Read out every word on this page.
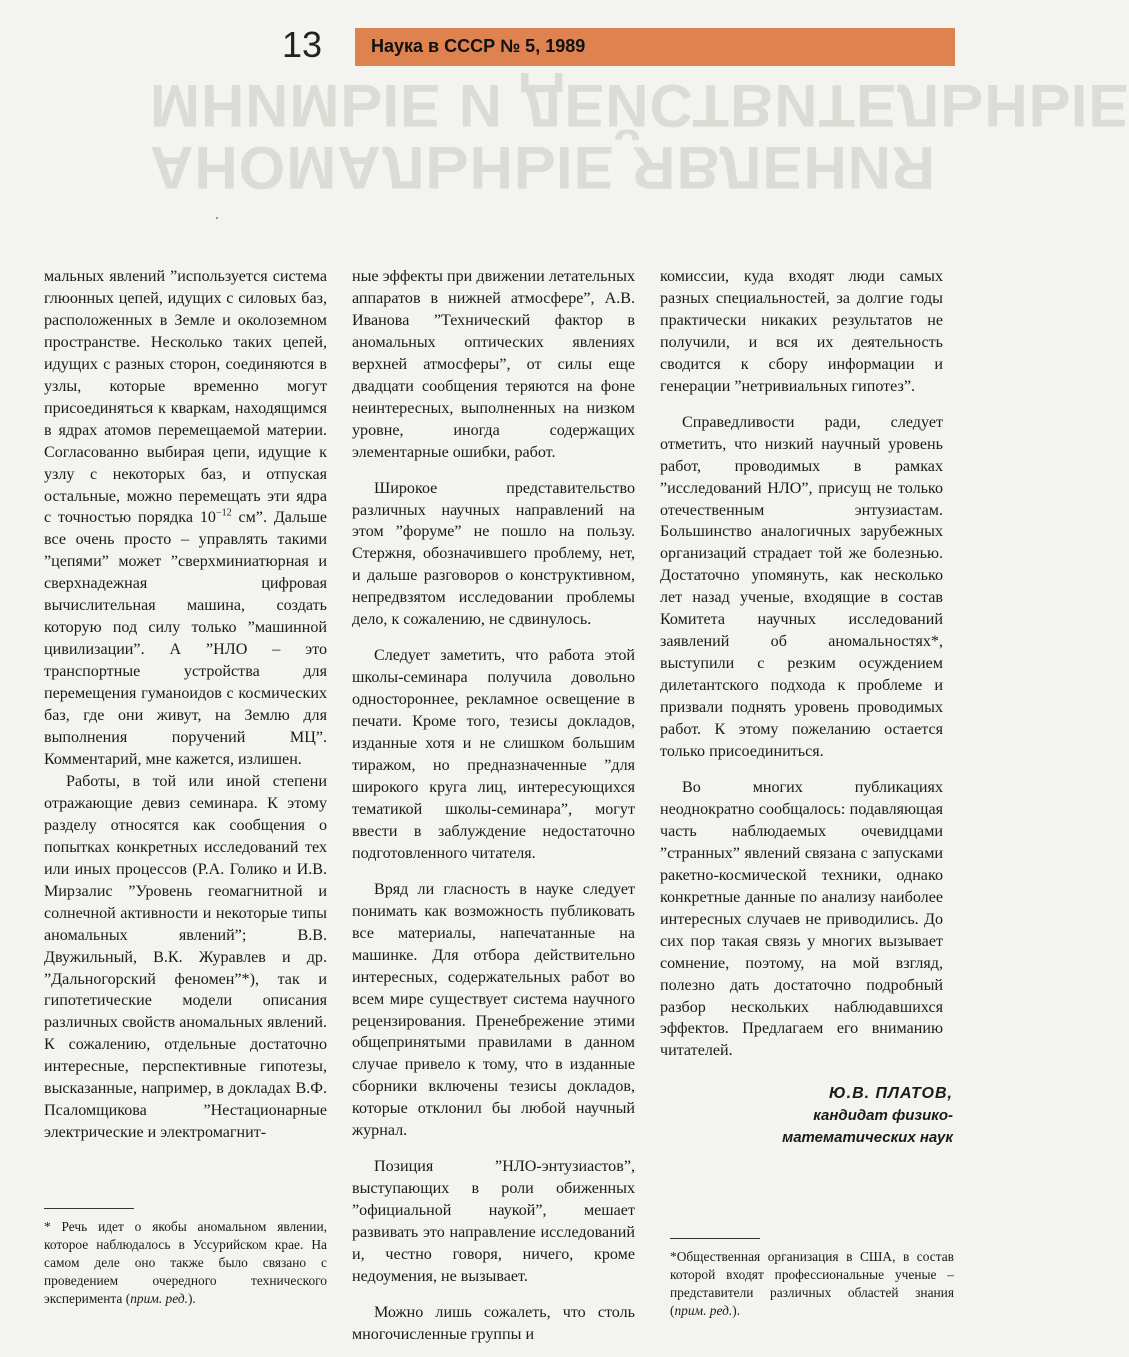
13	Наука в СССР № 5, 1989
АНОМАЛЬНЫЕ ЯВЛЕНИЯ
МНИМЫЕ И ДЕЙСТВИТЕЛЬНЫЕ

мальных явлений ”используется система глюонных цепей, идущих с силовых баз, расположенных в Земле и околоземном пространстве. Несколько таких цепей, идущих с разных сторон, соединяются в узлы, которые временно могут присоединяться к кваркам, находящимся в ядрах атомов перемещаемой материи. Согласованно выбирая цепи, идущие к узлу с некоторых баз, и отпуская остальные, можно перемещать эти ядра с точностью порядка $10^{-12}$ см”. Дальше все очень просто – управлять такими ”цепями” может ”сверхминиатюрная и сверхнадежная цифровая вычислительная машина, создать которую под силу только ”машинной цивилизации”. А ”НЛО – это транспортные устройства для перемещения гуманоидов с космических баз, где они живут, на Землю для выполнения поручений МЦ”. Комментарий, мне кажется, излишен.

Работы, в той или иной степени отражающие девиз семинара. К этому разделу относятся как сообщения о попытках конкретных исследований тех или иных процессов (Р.А. Голико и И.В. Мирзалис ”Уровень геомагнитной и солнечной активности и некоторые типы аномальных явлений”; В.В. Двужильный, В.К. Журавлев и др. ”Дальногорский феномен”*), так и гипотетические модели описания различных свойств аномальных явлений. К сожалению, отдельные достаточно интересные, перспективные гипотезы, высказанные, например, в докладах В.Ф. Псаломщикова ”Нестационарные электрические и электромагнит-

ные эффекты при движении летательных аппаратов в нижней атмосфере”, А.В. Иванова ”Технический фактор в аномальных оптических явлениях верхней атмосферы”, от силы еще двадцати сообщения теряются на фоне неинтересных, выполненных на низком уровне, иногда содержащих элементарные ошибки, работ.

Широкое представительство различных научных направлений на этом ”форуме” не пошло на пользу. Стержня, обозначившего проблему, нет, и дальше разговоров о конструктивном, непредвзятом исследовании проблемы дело, к сожалению, не сдвинулось.

Следует заметить, что работа этой школы-семинара получила довольно одностороннее, рекламное освещение в печати. Кроме того, тезисы докладов, изданные хотя и не слишком большим тиражом, но предназначенные ”для широкого круга лиц, интересующихся тематикой школы-семинара”, могут ввести в заблуждение недостаточно подготовленного читателя.

Вряд ли гласность в науке следует понимать как возможность публиковать все материалы, напечатанные на машинке. Для отбора действительно интересных, содержательных работ во всем мире существует система научного рецензирования. Пренебрежение этими общепринятыми правилами в данном случае привело к тому, что в изданные сборники включены тезисы докладов, которые отклонил бы любой научный журнал.

Позиция ”НЛО-энтузиастов”, выступающих в роли обиженных ”официальной наукой”, мешает развивать это направление исследований и, честно говоря, ничего, кроме недоумения, не вызывает.

Можно лишь сожалеть, что столь многочисленные группы и

комиссии, куда входят люди самых разных специальностей, за долгие годы практически никаких результатов не получили, и вся их деятельность сводится к сбору информации и генерации ”нетривиальных гипотез”.

Справедливости ради, следует отметить, что низкий научный уровень работ, проводимых в рамках ”исследований НЛО”, присущ не только отечественным энтузиастам. Большинство аналогичных зарубежных организаций страдает той же болезнью. Достаточно упомянуть, как несколько лет назад ученые, входящие в состав Комитета научных исследований заявлений об аномальностях*, выступили с резким осуждением дилетантского подхода к проблеме и призвали поднять уровень проводимых работ. К этому пожеланию остается только присоединиться.

Во многих публикациях неоднократно сообщалось: подавляющая часть наблюдаемых очевидцами ”странных” явлений связана с запусками ракетно-космической техники, однако конкретные данные по анализу наиболее интересных случаев не приводились. До сих пор такая связь у многих вызывает сомнение, поэтому, на мой взгляд, полезно дать достаточно подробный разбор нескольких наблюдавшихся эффектов. Предлагаем его вниманию читателей.

Ю.В. ПЛАТОВ,
кандидат физико-
математических наук
* Речь идет о якобы аномальном явлении, которое наблюдалось в Уссурийском крае. На самом деле оно также было связано с проведением очередного технического эксперимента (прим. ред.).
*Общественная организация в США, в состав которой входят профессиональные ученые – представители различных областей знания (прим. ред.).
